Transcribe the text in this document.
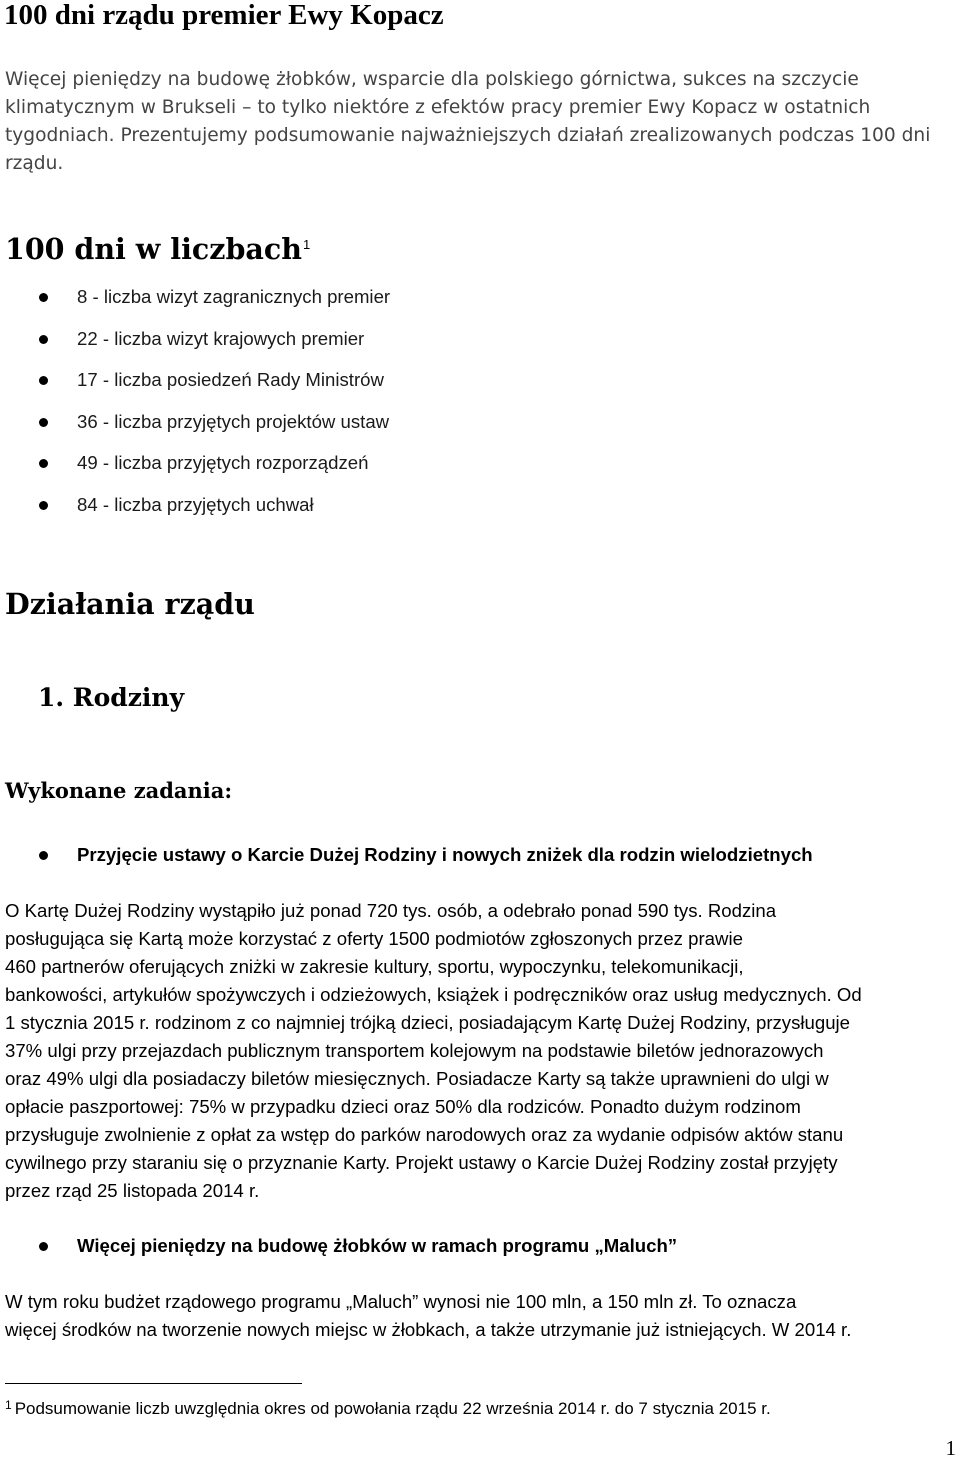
100 dni rządu premier Ewy Kopacz

Więcej pieniędzy na budowę żłobków, wsparcie dla polskiego górnictwa, sukces na szczycie klimatycznym w Brukseli – to tylko niektóre z efektów pracy premier Ewy Kopacz w ostatnich tygodniach. Prezentujemy podsumowanie najważniejszych działań zrealizowanych podczas 100 dni rządu.

100 dni w liczbach$^1$
8 - liczba wizyt zagranicznych premier
22 - liczba wizyt krajowych premier
17 - liczba posiedzeń Rady Ministrów
36 - liczba przyjętych projektów ustaw
49 - liczba przyjętych rozporządzeń
84 - liczba przyjętych uchwał
Działania rządu
1. Rodziny
Wykonane zadania:
Przyjęcie ustawy o Karcie Dużej Rodziny i nowych zniżek dla rodzin wielodzietnych

O Kartę Dużej Rodziny wystąpiło już ponad 720 tys. osób, a odebrało ponad 590 tys. Rodzina
posługująca się Kartą może korzystać z oferty 1500 podmiotów zgłoszonych przez prawie
460 partnerów oferujących zniżki w zakresie kultury, sportu, wypoczynku, telekomunikacji,
bankowości, artykułów spożywczych i odzieżowych, książek i podręczników oraz usług medycznych. Od
1 stycznia 2015 r. rodzinom z co najmniej trójką dzieci, posiadającym Kartę Dużej Rodziny, przysługuje
37% ulgi przy przejazdach publicznym transportem kolejowym na podstawie biletów jednorazowych
oraz 49% ulgi dla posiadaczy biletów miesięcznych. Posiadacze Karty są także uprawnieni do ulgi w
opłacie paszportowej: 75% w przypadku dzieci oraz 50% dla rodziców. Ponadto dużym rodzinom
przysługuje zwolnienie z opłat za wstęp do parków narodowych oraz za wydanie odpisów aktów stanu
cywilnego przy staraniu się o przyznanie Karty. Projekt ustawy o Karcie Dużej Rodziny został przyjęty
przez rząd 25 listopada 2014 r.

Więcej pieniędzy na budowę żłobków w ramach programu „Maluch”

W tym roku budżet rządowego programu „Maluch” wynosi nie 100 mln, a 150 mln zł. To oznacza
więcej środków na tworzenie nowych miejsc w żłobkach, a także utrzymanie już istniejących. W 2014 r.

$^1$ Podsumowanie liczb uwzględnia okres od powołania rządu 22 września 2014 r. do 7 stycznia 2015 r.

1
